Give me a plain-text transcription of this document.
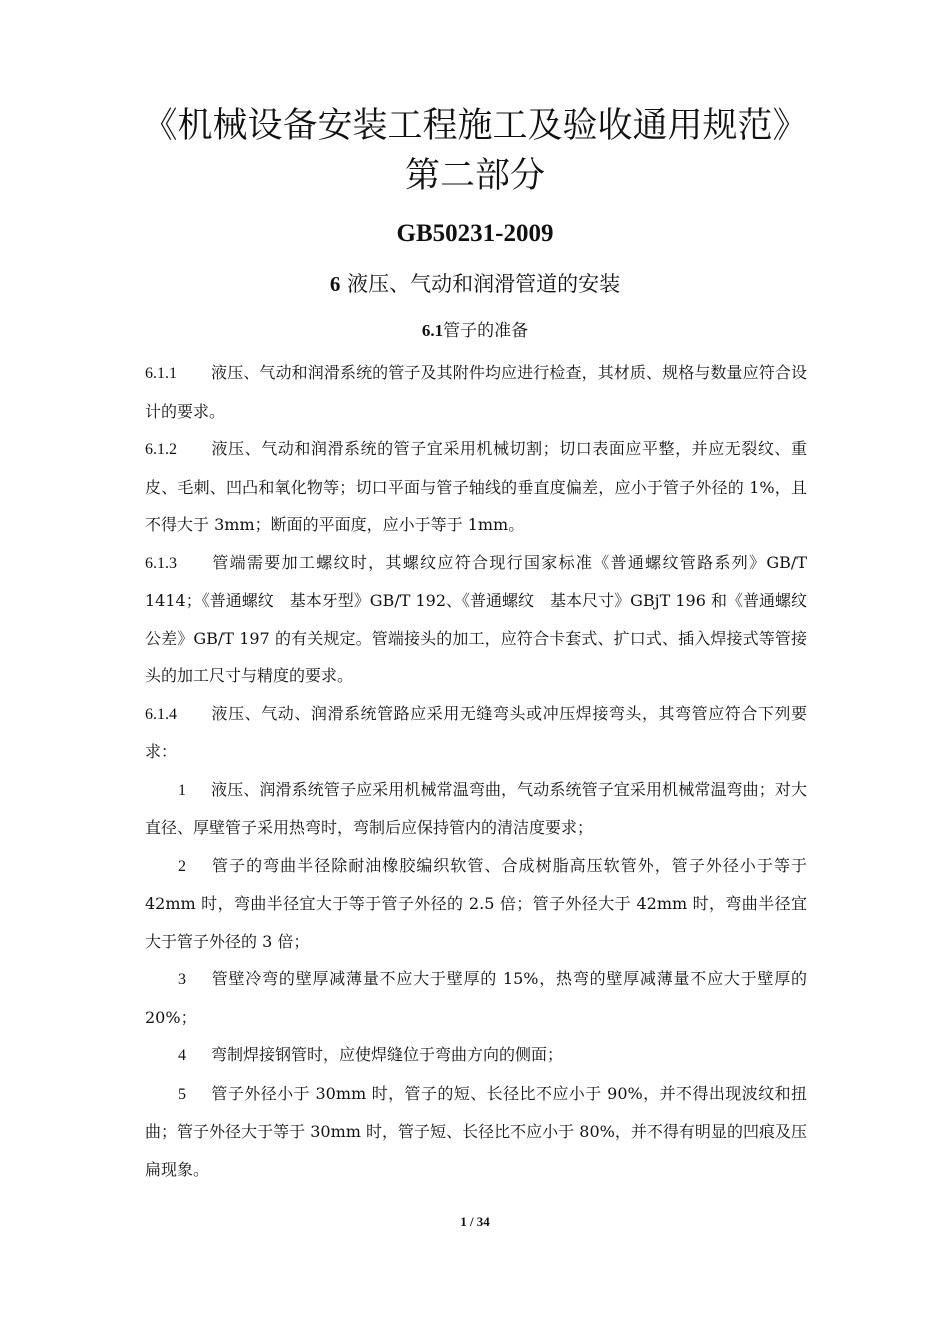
《机械设备安装工程施工及验收通用规范》
第二部分
GB50231-2009
6 液压、气动和润滑管道的安装
6.1管子的准备

6.1.1 液压、气动和润滑系统的管子及其附件均应进行检查，其材质、规格与数量应符合设计的要求。

6.1.2 液压、气动和润滑系统的管子宜采用机械切割；切口表面应平整，并应无裂纹、重皮、毛刺、凹凸和氧化物等；切口平面与管子轴线的垂直度偏差，应小于管子外径的 1%，且不得大于 3mm；断面的平面度，应小于等于 1mm。

6.1.3 管端需要加工螺纹时，其螺纹应符合现行国家标准《普通螺纹管路系列》GB/T 1414；《普通螺纹　基本牙型》GB/T 192、《普通螺纹　基本尺寸》GBjT 196 和《普通螺纹公差》GB/T 197 的有关规定。管端接头的加工，应符合卡套式、扩口式、插入焊接式等管接头的加工尺寸与精度的要求。

6.1.4 液压、气动、润滑系统管路应采用无缝弯头或冲压焊接弯头，其弯管应符合下列要求：

1 液压、润滑系统管子应采用机械常温弯曲，气动系统管子宜采用机械常温弯曲；对大直径、厚壁管子采用热弯时，弯制后应保持管内的清洁度要求；

2 管子的弯曲半径除耐油橡胶编织软管、合成树脂高压软管外，管子外径小于等于 42mm 时，弯曲半径宜大于等于管子外径的 2.5 倍；管子外径大于 42mm 时，弯曲半径宜大于管子外径的 3 倍；

3 管壁冷弯的壁厚减薄量不应大于壁厚的 15%，热弯的壁厚减薄量不应大于壁厚的 20%；

4 弯制焊接钢管时，应使焊缝位于弯曲方向的侧面；

5 管子外径小于 30mm 时，管子的短、长径比不应小于 90%，并不得出现波纹和扭曲；管子外径大于等于 30mm 时，管子短、长径比不应小于 80%，并不得有明显的凹痕及压扁现象。

1 / 34
